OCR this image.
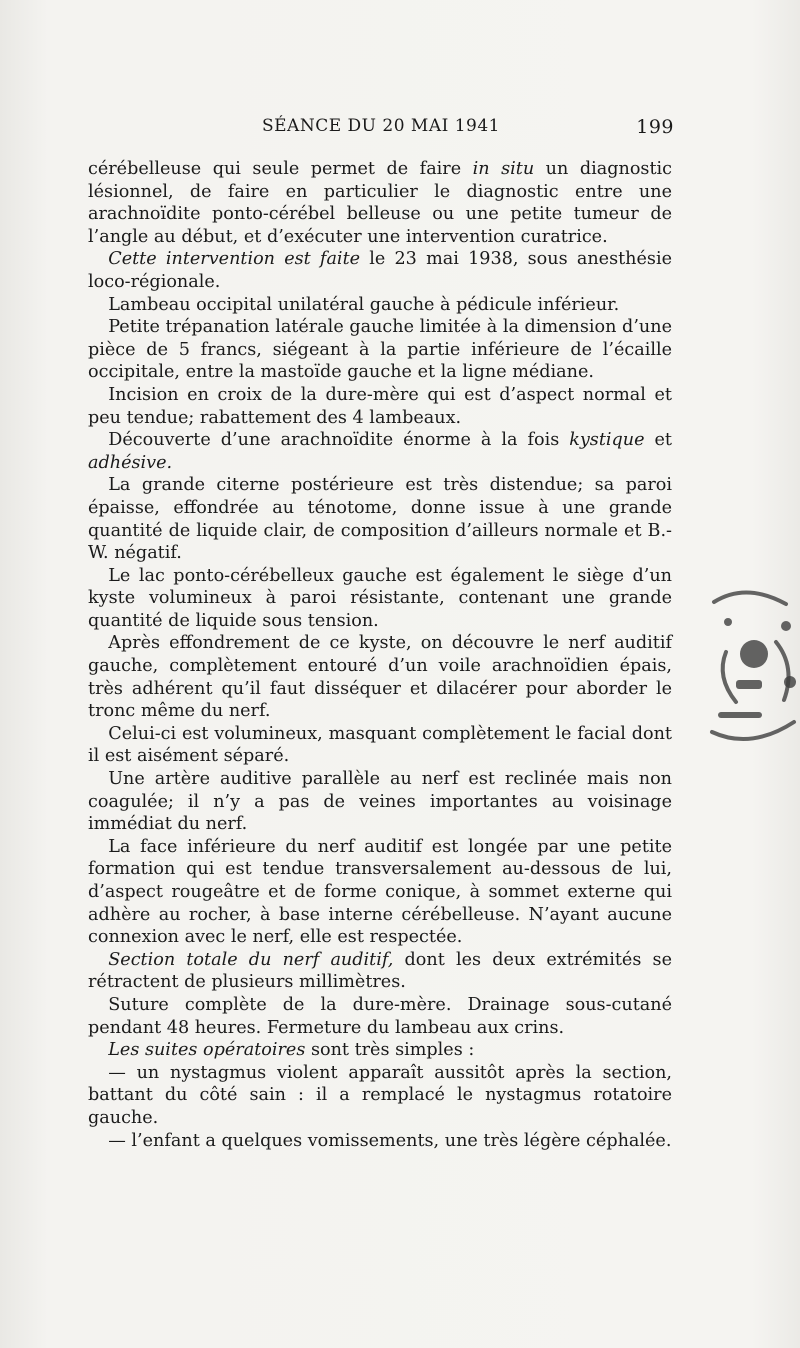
SÉANCE DU 20 MAI 1941	199

cérébelleuse qui seule permet de faire in situ un diagnostic lésionnel, de faire en particulier le diagnostic entre une arachnoïdite ponto-cérébel belleuse ou une petite tumeur de l’angle au début, et d’exécuter une intervention curatrice.

Cette intervention est faite le 23 mai 1938, sous anesthésie loco-régionale.

Lambeau occipital unilatéral gauche à pédicule inférieur.

Petite trépanation latérale gauche limitée à la dimension d’une pièce de 5 francs, siégeant à la partie inférieure de l’écaille occipitale, entre la mastoïde gauche et la ligne médiane.

Incision en croix de la dure-mère qui est d’aspect normal et peu tendue; rabattement des 4 lambeaux.

Découverte d’une arachnoïdite énorme à la fois kystique et adhésive.

La grande citerne postérieure est très distendue; sa paroi épaisse, effondrée au ténotome, donne issue à une grande quantité de liquide clair, de composition d’ailleurs normale et B.-W. négatif.

Le lac ponto-cérébelleux gauche est également le siège d’un kyste volumineux à paroi résistante, contenant une grande quantité de liquide sous tension.

Après effondrement de ce kyste, on découvre le nerf auditif gauche, complètement entouré d’un voile arachnoïdien épais, très adhérent qu’il faut disséquer et dilacérer pour aborder le tronc même du nerf.

Celui-ci est volumineux, masquant complètement le facial dont il est aisément séparé.

Une artère auditive parallèle au nerf est reclinée mais non coagulée; il n’y a pas de veines importantes au voisinage immédiat du nerf.

La face inférieure du nerf auditif est longée par une petite formation qui est tendue transversalement au-dessous de lui, d’aspect rougeâtre et de forme conique, à sommet externe qui adhère au rocher, à base interne cérébelleuse. N’ayant aucune connexion avec le nerf, elle est respectée.

Section totale du nerf auditif, dont les deux extrémités se rétractent de plusieurs millimètres.

Suture complète de la dure-mère. Drainage sous-cutané pendant 48 heures. Fermeture du lambeau aux crins.

Les suites opératoires sont très simples :

— un nystagmus violent apparaît aussitôt après la section, battant du côté sain : il a remplacé le nystagmus rotatoire gauche.

— l’enfant a quelques vomissements, une très légère céphalée.
